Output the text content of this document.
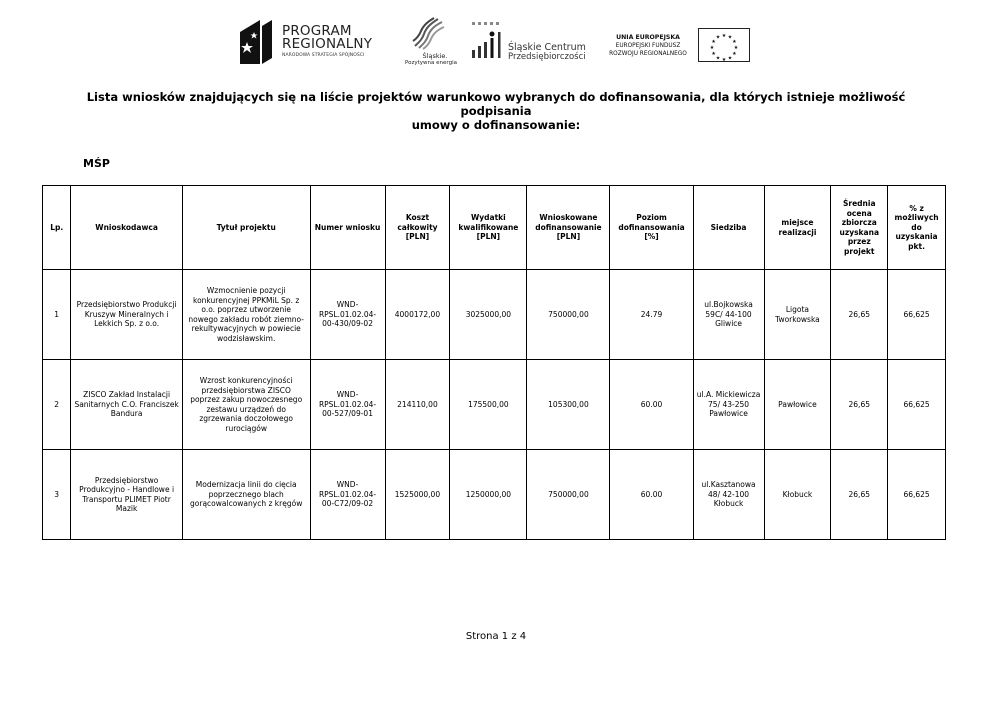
PROGRAM
REGIONALNY
NARODOWA STRATEGIA SPÓJNOŚCI	Śląskie.
Pozytywna energia
Śląskie Centrum
Przedsiębiorczości
UNIA EUROPEJSKA
EUROPEJSKI FUNDUSZ
ROZWOJU REGIONALNEGO
★ ★
★
★
★
★
★
★
★
★
★
★
Lista wniosków znajdujących się na liście projektów warunkowo wybranych do dofinansowania, dla których istnieje możliwość podpisania
umowy o dofinansowanie:
MŚP
Lp.	Wnioskodawca	Tytuł projektu	Numer wniosku	Koszt całkowity [PLN]	Wydatki kwalifikowane [PLN]	Wnioskowane dofinansowanie [PLN]	Poziom dofinansowania [%]	Siedziba	miejsce realizacji	Średnia ocena zbiorcza uzyskana przez projekt	% z możliwych do uzyskania pkt.
1	Przedsiębiorstwo Produkcji Kruszyw Mineralnych i Lekkich Sp. z o.o.	Wzmocnienie pozycji konkurencyjnej PPKMiL Sp. z o.o. poprzez utworzenie nowego zakładu robót ziemno-rekultywacyjnych w powiecie wodzisławskim.	WND-RPSL.01.02.04-00-430/09-02	4000172,00	3025000,00	750000,00	24.79	ul.Bojkowska 59C/ 44-100 Gliwice	Ligota Tworkowska	26,65	66,625
2	ZISCO Zakład Instalacji Sanitarnych C.O. Franciszek Bandura	Wzrost konkurencyjności przedsiębiorstwa ZISCO poprzez zakup nowoczesnego zestawu urządzeń do zgrzewania doczołowego rurociągów	WND-RPSL.01.02.04-00-527/09-01	214110,00	175500,00	105300,00	60.00	ul.A. Mickiewicza 75/ 43-250 Pawłowice	Pawłowice	26,65	66,625
3	Przedsiębiorstwo Produkcyjno - Handlowe i Transportu PLIMET Piotr Mazik	Modernizacja linii do cięcia poprzecznego blach gorącowalcowanych z kręgów	WND-RPSL.01.02.04-00-C72/09-02	1525000,00	1250000,00	750000,00	60.00	ul.Kasztanowa 48/ 42-100 Kłobuck	Kłobuck	26,65	66,625
Strona 1 z 4
